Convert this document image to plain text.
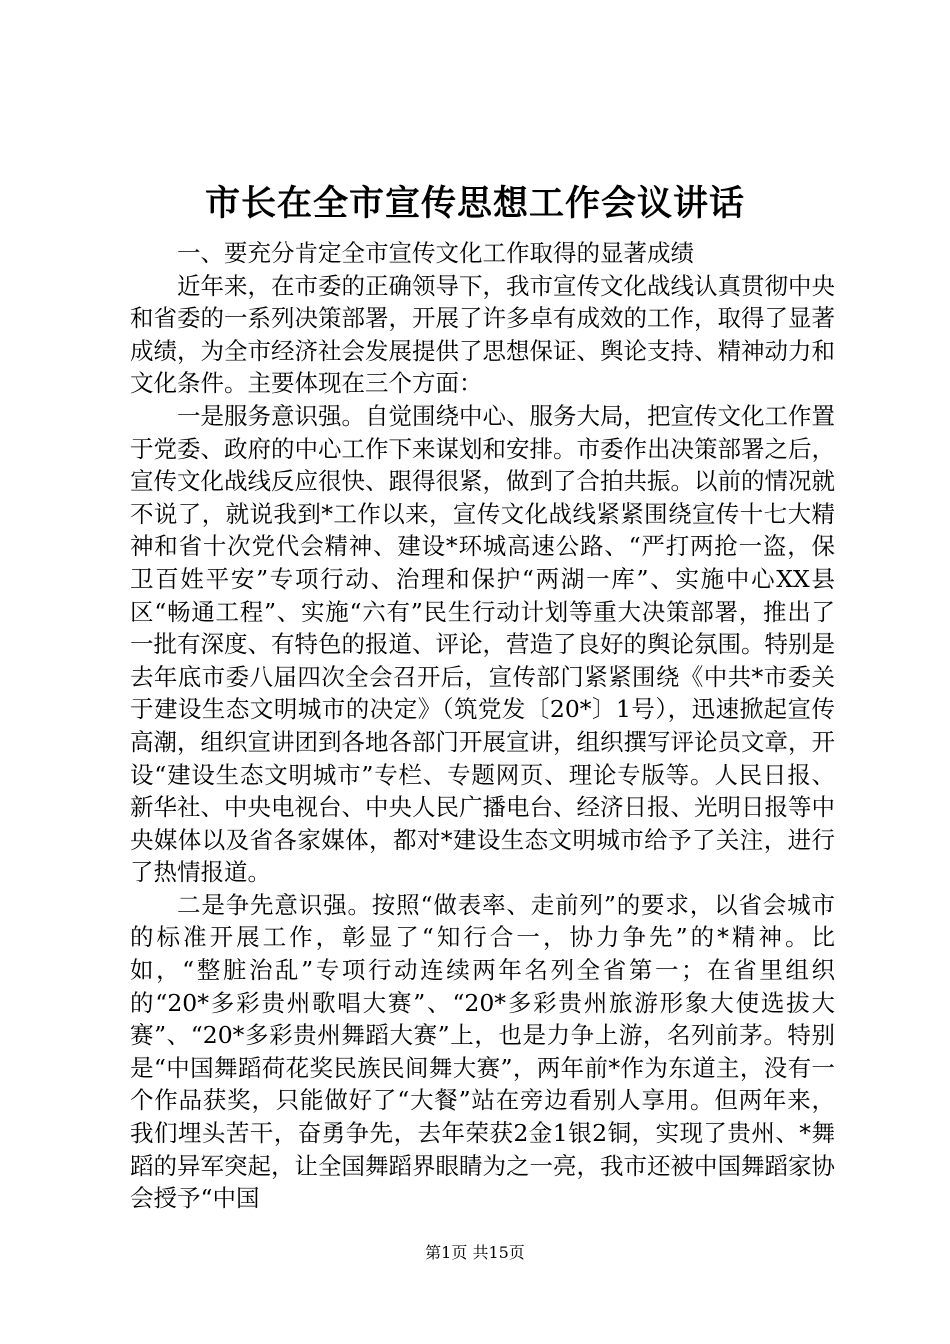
市长在全市宣传思想工作会议讲话

一、要充分肯定全市宣传文化工作取得的显著成绩

近年来，在市委的正确领导下，我市宣传文化战线认真贯彻中央和省委的一系列决策部署，开展了许多卓有成效的工作，取得了显著成绩，为全市经济社会发展提供了思想保证、舆论支持、精神动力和文化条件。主要体现在三个方面：

一是服务意识强。自觉围绕中心、服务大局，把宣传文化工作置于党委、政府的中心工作下来谋划和安排。市委作出决策部署之后，宣传文化战线反应很快、跟得很紧，做到了合拍共振。以前的情况就不说了，就说我到*工作以来，宣传文化战线紧紧围绕宣传十七大精神和省十次党代会精神、建设*环城高速公路、“严打两抢一盗，保卫百姓平安”专项行动、治理和保护“两湖一库”、实施中心XX县区“畅通工程”、实施“六有”民生行动计划等重大决策部署，推出了一批有深度、有特色的报道、评论，营造了良好的舆论氛围。特别是去年底市委八届四次全会召开后，宣传部门紧紧围绕《中共*市委关于建设生态文明城市的决定》（筑党发〔20*〕1号），迅速掀起宣传高潮，组织宣讲团到各地各部门开展宣讲，组织撰写评论员文章，开设“建设生态文明城市”专栏、专题网页、理论专版等。人民日报、新华社、中央电视台、中央人民广播电台、经济日报、光明日报等中央媒体以及省各家媒体，都对*建设生态文明城市给予了关注，进行了热情报道。

二是争先意识强。按照“做表率、走前列”的要求，以省会城市的标准开展工作，彰显了“知行合一，协力争先”的*精神。比如，“整脏治乱”专项行动连续两年名列全省第一；在省里组织的“20*多彩贵州歌唱大赛”、“20*多彩贵州旅游形象大使选拔大赛”、“20*多彩贵州舞蹈大赛”上，也是力争上游，名列前茅。特别是“中国舞蹈荷花奖民族民间舞大赛”，两年前*作为东道主，没有一个作品获奖，只能做好了“大餐”站在旁边看别人享用。但两年来，我们埋头苦干，奋勇争先，去年荣获2金1银2铜，实现了贵州、*舞蹈的异军突起，让全国舞蹈界眼睛为之一亮，我市还被中国舞蹈家协会授予“中国

第1页 共15页
